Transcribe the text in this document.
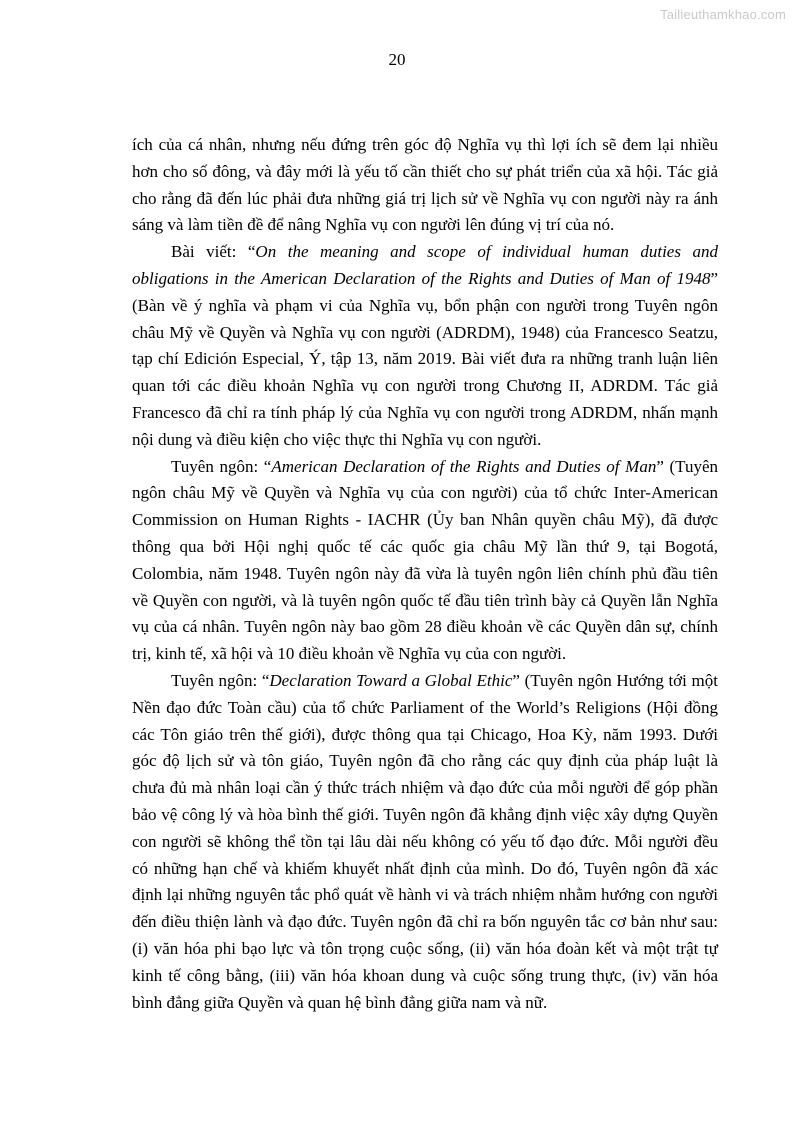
Tailieuthamkhao.com
20

ích của cá nhân, nhưng nếu đứng trên góc độ Nghĩa vụ thì lợi ích sẽ đem lại nhiều hơn cho số đông, và đây mới là yếu tố cần thiết cho sự phát triển của xã hội. Tác giả cho rằng đã đến lúc phải đưa những giá trị lịch sử về Nghĩa vụ con người này ra ánh sáng và làm tiền đề để nâng Nghĩa vụ con người lên đúng vị trí của nó.

Bài viết: “On the meaning and scope of individual human duties and obligations in the American Declaration of the Rights and Duties of Man of 1948” (Bàn về ý nghĩa và phạm vi của Nghĩa vụ, bổn phận con người trong Tuyên ngôn châu Mỹ về Quyền và Nghĩa vụ con người (ADRDM), 1948) của Francesco Seatzu, tạp chí Edición Especial, Ý, tập 13, năm 2019. Bài viết đưa ra những tranh luận liên quan tới các điều khoản Nghĩa vụ con người trong Chương II, ADRDM. Tác giả Francesco đã chỉ ra tính pháp lý của Nghĩa vụ con người trong ADRDM, nhấn mạnh nội dung và điều kiện cho việc thực thi Nghĩa vụ con người.

Tuyên ngôn: “American Declaration of the Rights and Duties of Man” (Tuyên ngôn châu Mỹ về Quyền và Nghĩa vụ của con người) của tổ chức Inter-American Commission on Human Rights - IACHR (Ủy ban Nhân quyền châu Mỹ), đã được thông qua bởi Hội nghị quốc tế các quốc gia châu Mỹ lần thứ 9, tại Bogotá, Colombia, năm 1948. Tuyên ngôn này đã vừa là tuyên ngôn liên chính phủ đầu tiên về Quyền con người, và là tuyên ngôn quốc tế đầu tiên trình bày cả Quyền lẫn Nghĩa vụ của cá nhân. Tuyên ngôn này bao gồm 28 điều khoản về các Quyền dân sự, chính trị, kinh tế, xã hội và 10 điều khoản về Nghĩa vụ của con người.

Tuyên ngôn: “Declaration Toward a Global Ethic” (Tuyên ngôn Hướng tới một Nền đạo đức Toàn cầu) của tổ chức Parliament of the World’s Religions (Hội đồng các Tôn giáo trên thế giới), được thông qua tại Chicago, Hoa Kỳ, năm 1993. Dưới góc độ lịch sử và tôn giáo, Tuyên ngôn đã cho rằng các quy định của pháp luật là chưa đủ mà nhân loại cần ý thức trách nhiệm và đạo đức của mỗi người để góp phần bảo vệ công lý và hòa bình thế giới. Tuyên ngôn đã khẳng định việc xây dựng Quyền con người sẽ không thể tồn tại lâu dài nếu không có yếu tố đạo đức. Mỗi người đều có những hạn chế và khiếm khuyết nhất định của mình. Do đó, Tuyên ngôn đã xác định lại những nguyên tắc phổ quát về hành vi và trách nhiệm nhằm hướng con người đến điều thiện lành và đạo đức. Tuyên ngôn đã chỉ ra bốn nguyên tắc cơ bản như sau: (i) văn hóa phi bạo lực và tôn trọng cuộc sống, (ii) văn hóa đoàn kết và một trật tự kinh tế công bằng, (iii) văn hóa khoan dung và cuộc sống trung thực, (iv) văn hóa bình đẳng giữa Quyền và quan hệ bình đẳng giữa nam và nữ.
